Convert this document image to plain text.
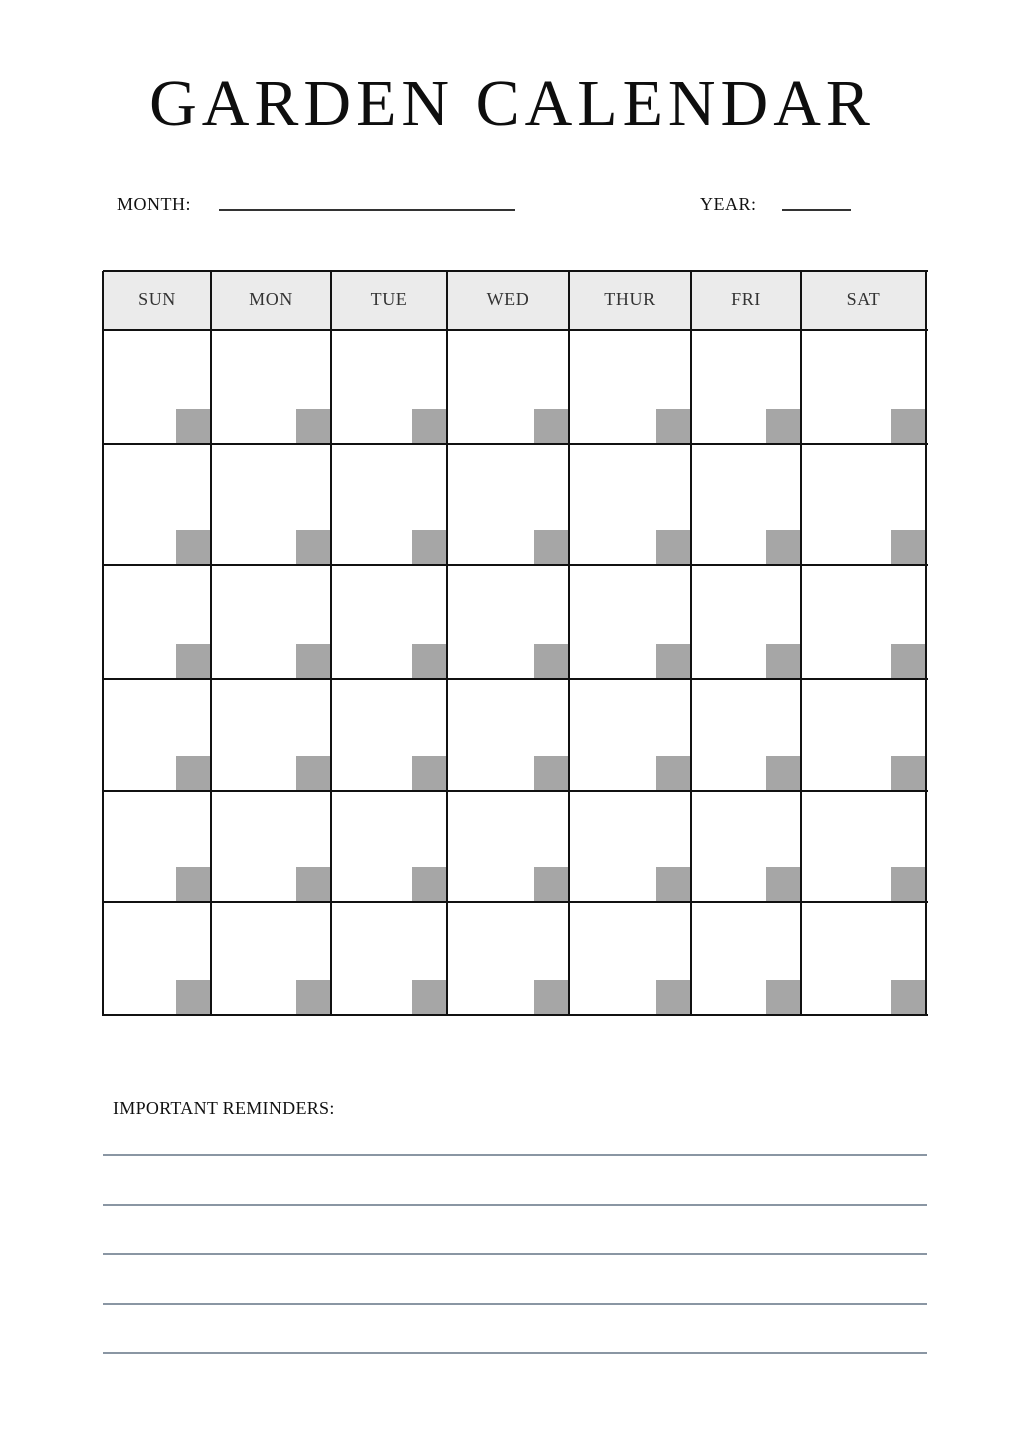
GARDEN CALENDAR
MONTH:	YEAR:
SUN	MON	TUE	WED	THUR	FRI	SAT
IMPORTANT REMINDERS:
